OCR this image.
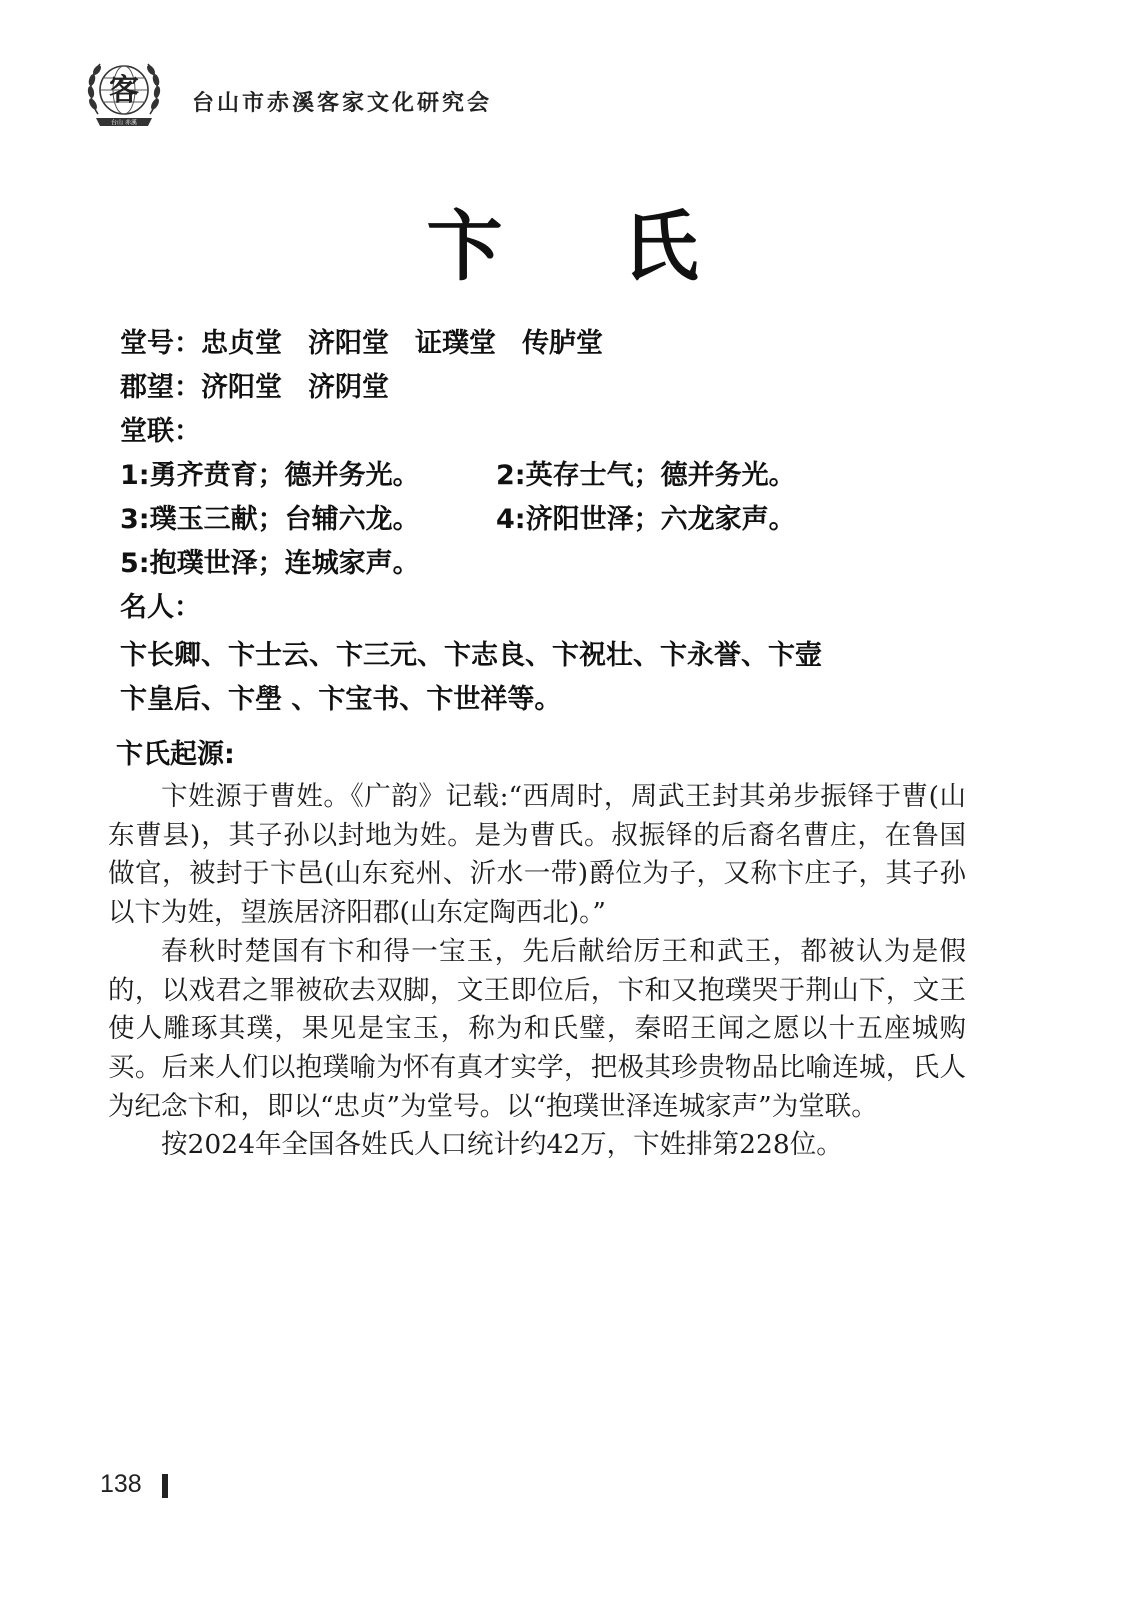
客
台山 赤溪
台山市赤溪客家文化研究会
卞 氏
堂号：忠贞堂 济阳堂 证璞堂 传胪堂
郡望：济阳堂 济阴堂
堂联：
1:勇齐贲育；德并务光。	2:英存士气；德并务光。
3:璞玉三献；台辅六龙。	4:济阳世泽；六龙家声。
5:抱璞世泽；连城家声。
名人：
卞长卿、卞士云、卞三元、卞志良、卞祝壮、卞永誉、卞壸
卞皇后、卞壆 、卞宝书、卞世祥等。
卞氏起源:

卞姓源于曹姓。《广韵》记载:“西周时，周武王封其弟步振铎于曹(山东曹县)，其子孙以封地为姓。是为曹氏。叔振铎的后裔名曹庄，在鲁国做官，被封于卞邑(山东兖州、沂水一带)爵位为子，又称卞庄子，其子孙以卞为姓，望族居济阳郡(山东定陶西北)。”

春秋时楚国有卞和得一宝玉，先后献给厉王和武王，都被认为是假的，以戏君之罪被砍去双脚，文王即位后，卞和又抱璞哭于荆山下，文王使人雕琢其璞，果见是宝玉，称为和氏璧，秦昭王闻之愿以十五座城购买。后来人们以抱璞喻为怀有真才实学，把极其珍贵物品比喻连城，氏人为纪念卞和，即以“忠贞”为堂号。以“抱璞世泽连城家声”为堂联。

按2024年全国各姓氏人口统计约42万，卞姓排第228位。

138
